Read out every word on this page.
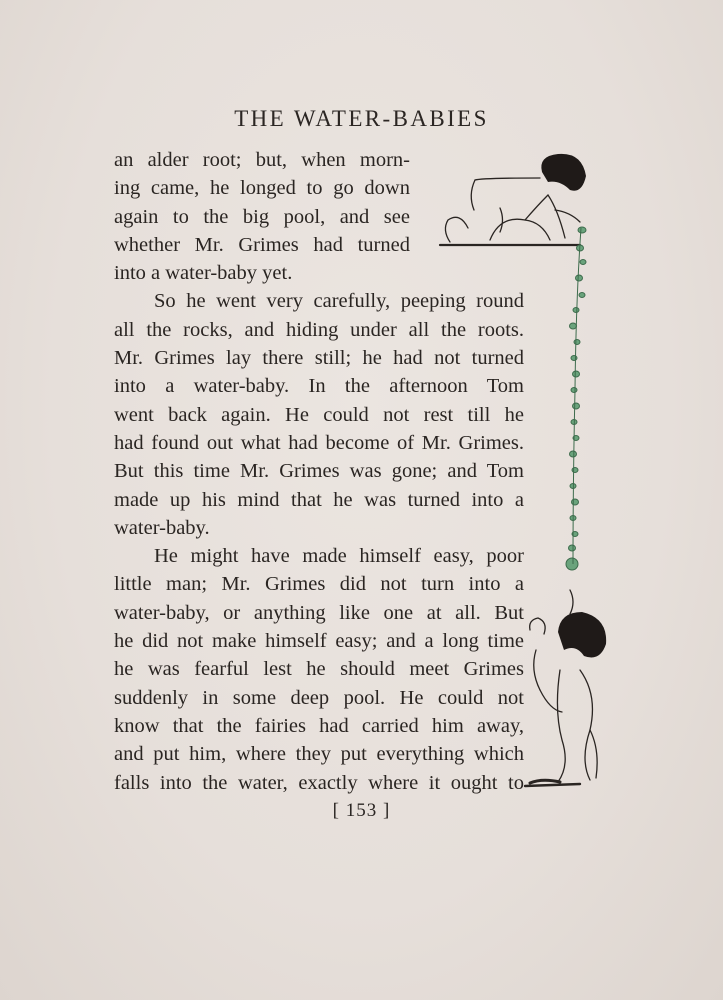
THE WATER-BABIES
an alder root; but, when morn-
ing came, he longed to go down
again to the big pool, and see
whether Mr. Grimes had turned
into a water-baby yet.
So he went very carefully, peeping round
all the rocks, and hiding under all the roots.
Mr. Grimes lay there still; he had not turned
into a water-baby. In the afternoon Tom
went back again. He could not rest till he
had found out what had become of Mr. Grimes.
But this time Mr. Grimes was gone; and Tom
made up his mind that he was turned into a
water-baby.
He might have made himself easy, poor
little man; Mr. Grimes did not turn into a
water-baby, or anything like one at all. But
he did not make himself easy; and a long time
he was fearful lest he should meet Grimes
suddenly in some deep pool. He could not
know that the fairies had carried him away,
and put him, where they put everything which
falls into the water, exactly where it ought to
[ 153 ]
